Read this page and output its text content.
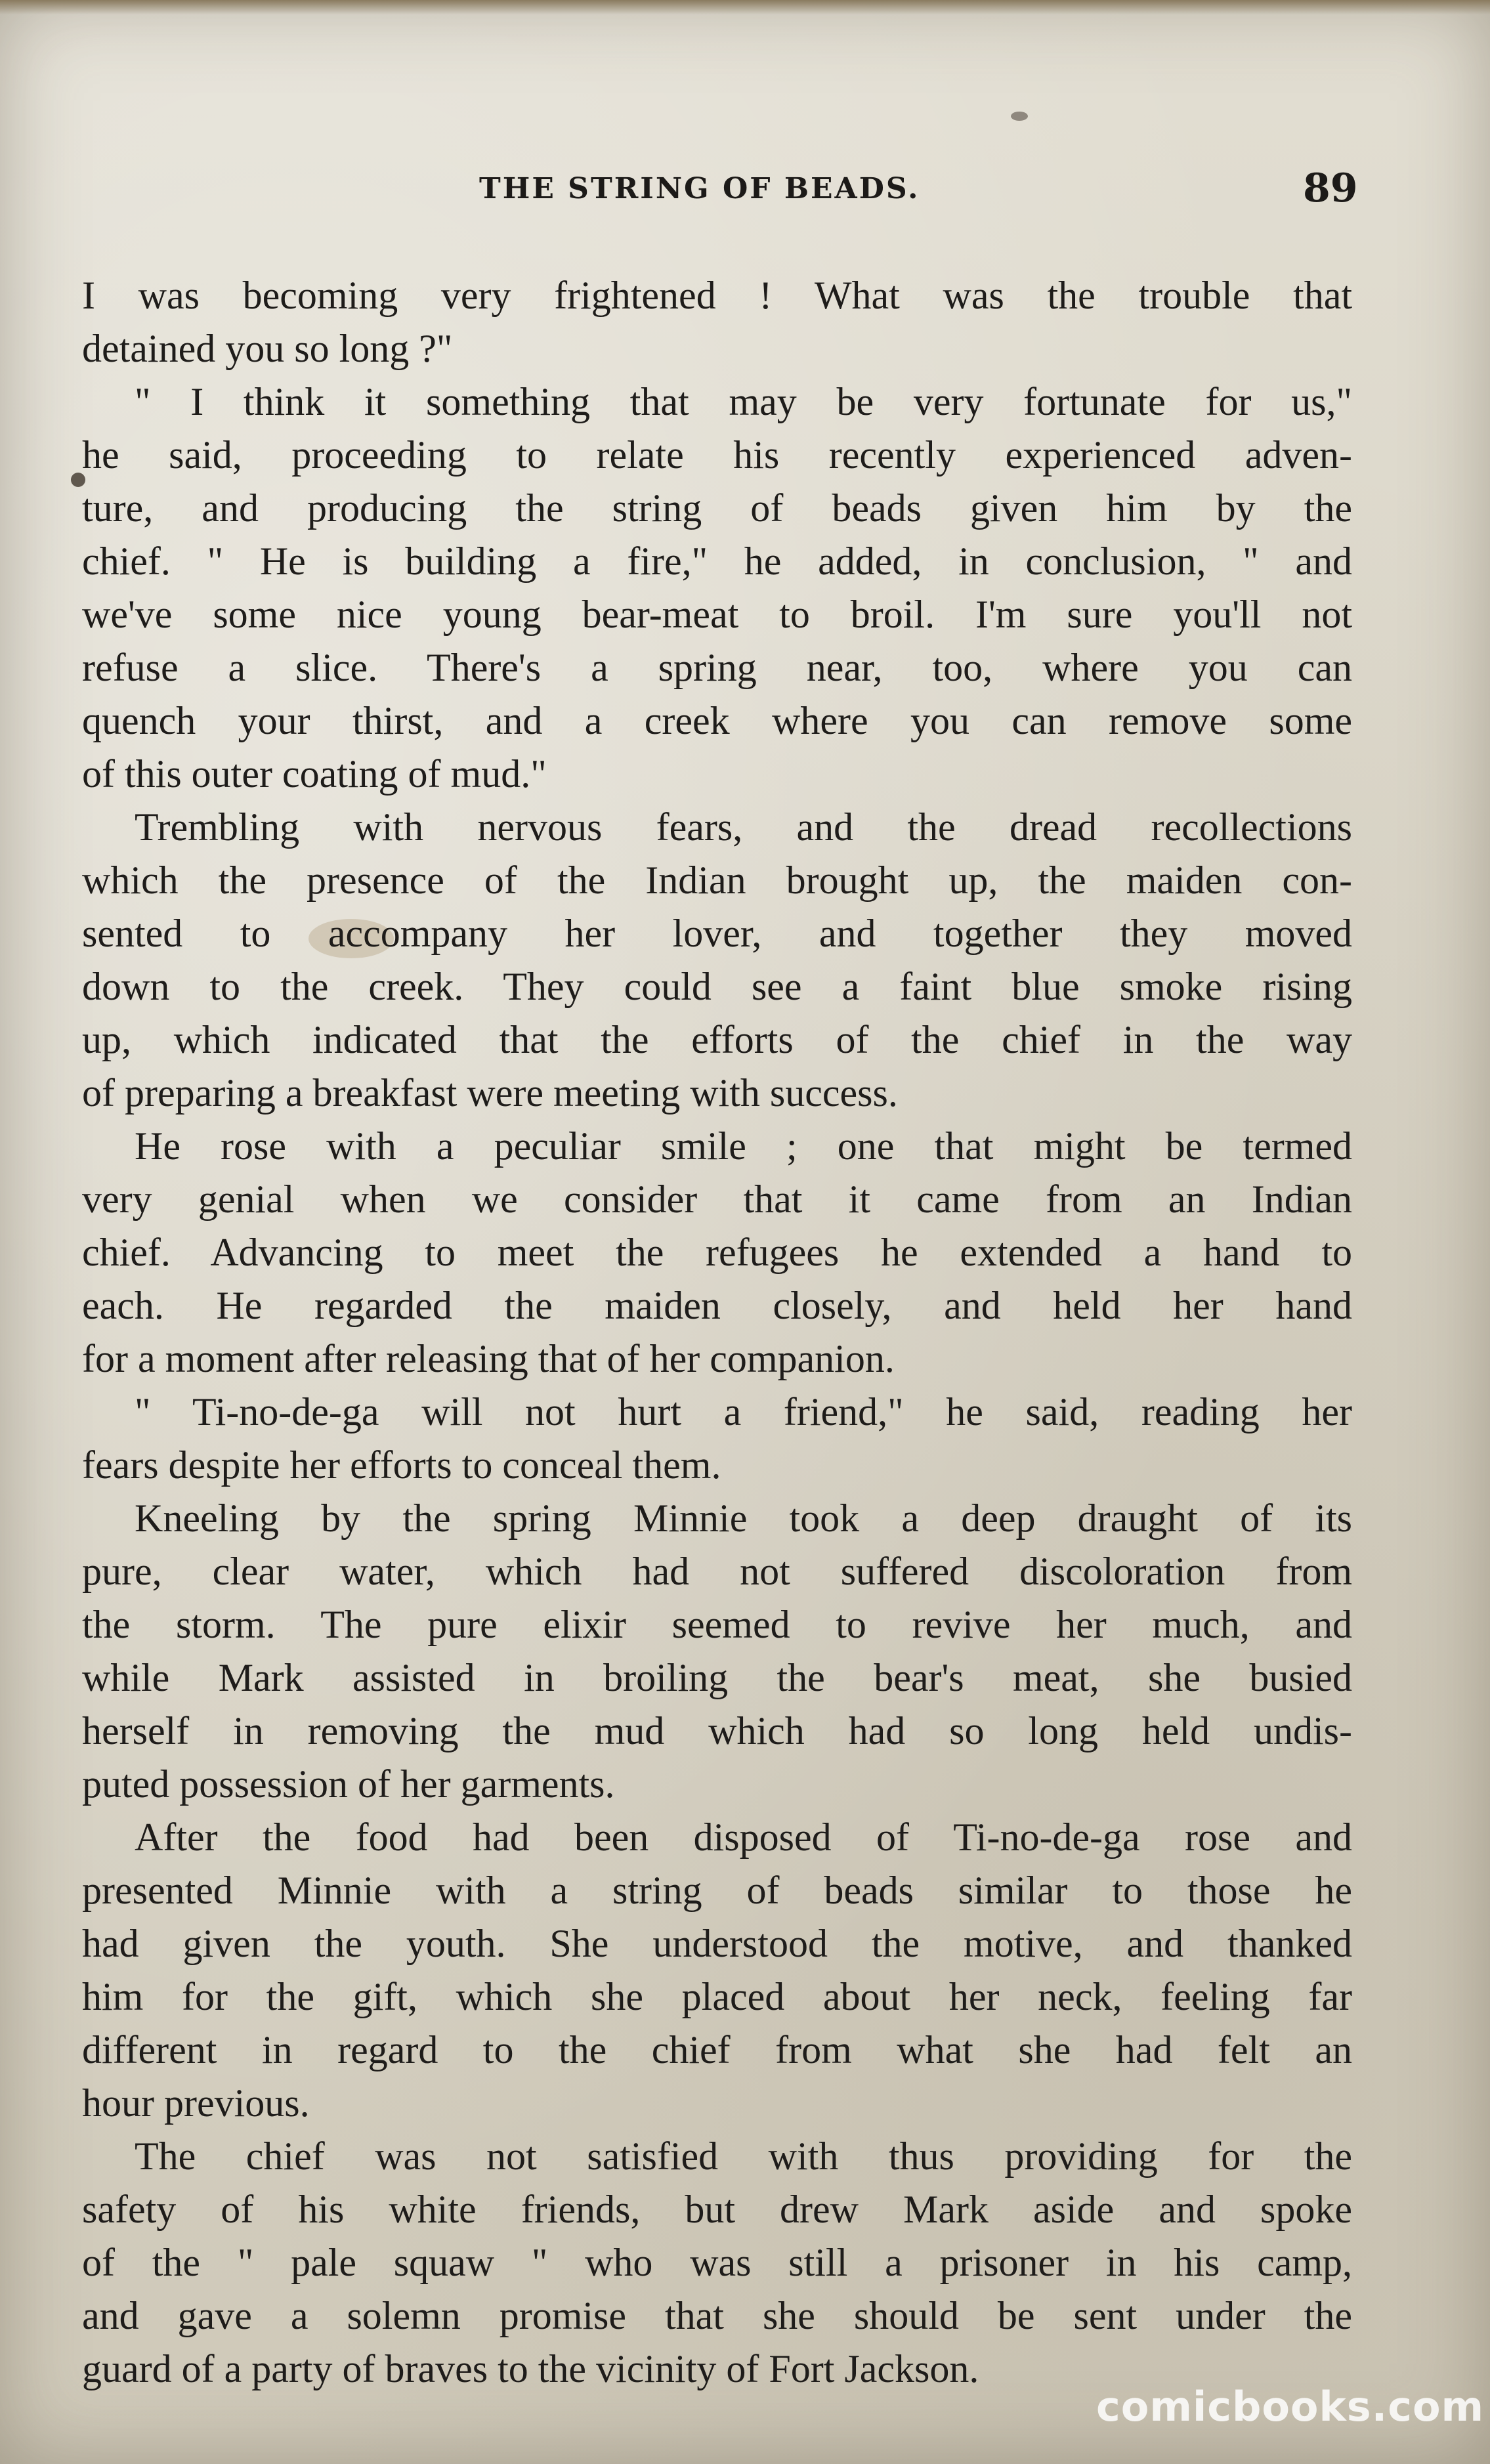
THE STRING OF BEADS.	89
I was becoming very frightened ! What was the trouble that
detained you so long ?"
" I think it something that may be very fortunate for us,"
he said, proceeding to relate his recently experienced adven-
ture, and producing the string of beads given him by the
chief. " He is building a fire," he added, in conclusion, " and
we've some nice young bear-meat to broil. I'm sure you'll not
refuse a slice. There's a spring near, too, where you can
quench your thirst, and a creek where you can remove some
of this outer coating of mud."
Trembling with nervous fears, and the dread recollections
which the presence of the Indian brought up, the maiden con-
sented to accompany her lover, and together they moved
down to the creek. They could see a faint blue smoke rising
up, which indicated that the efforts of the chief in the way
of preparing a breakfast were meeting with success.
He rose with a peculiar smile ; one that might be termed
very genial when we consider that it came from an Indian
chief. Advancing to meet the refugees he extended a hand to
each. He regarded the maiden closely, and held her hand
for a moment after releasing that of her companion.
" Ti-no-de-ga will not hurt a friend," he said, reading her
fears despite her efforts to conceal them.
Kneeling by the spring Minnie took a deep draught of its
pure, clear water, which had not suffered discoloration from
the storm. The pure elixir seemed to revive her much, and
while Mark assisted in broiling the bear's meat, she busied
herself in removing the mud which had so long held undis-
puted possession of her garments.
After the food had been disposed of Ti-no-de-ga rose and
presented Minnie with a string of beads similar to those he
had given the youth. She understood the motive, and thanked
him for the gift, which she placed about her neck, feeling far
different in regard to the chief from what she had felt an
hour previous.
The chief was not satisfied with thus providing for the
safety of his white friends, but drew Mark aside and spoke
of the " pale squaw " who was still a prisoner in his camp,
and gave a solemn promise that she should be sent under the
guard of a party of braves to the vicinity of Fort Jackson.
comicbooks.com
